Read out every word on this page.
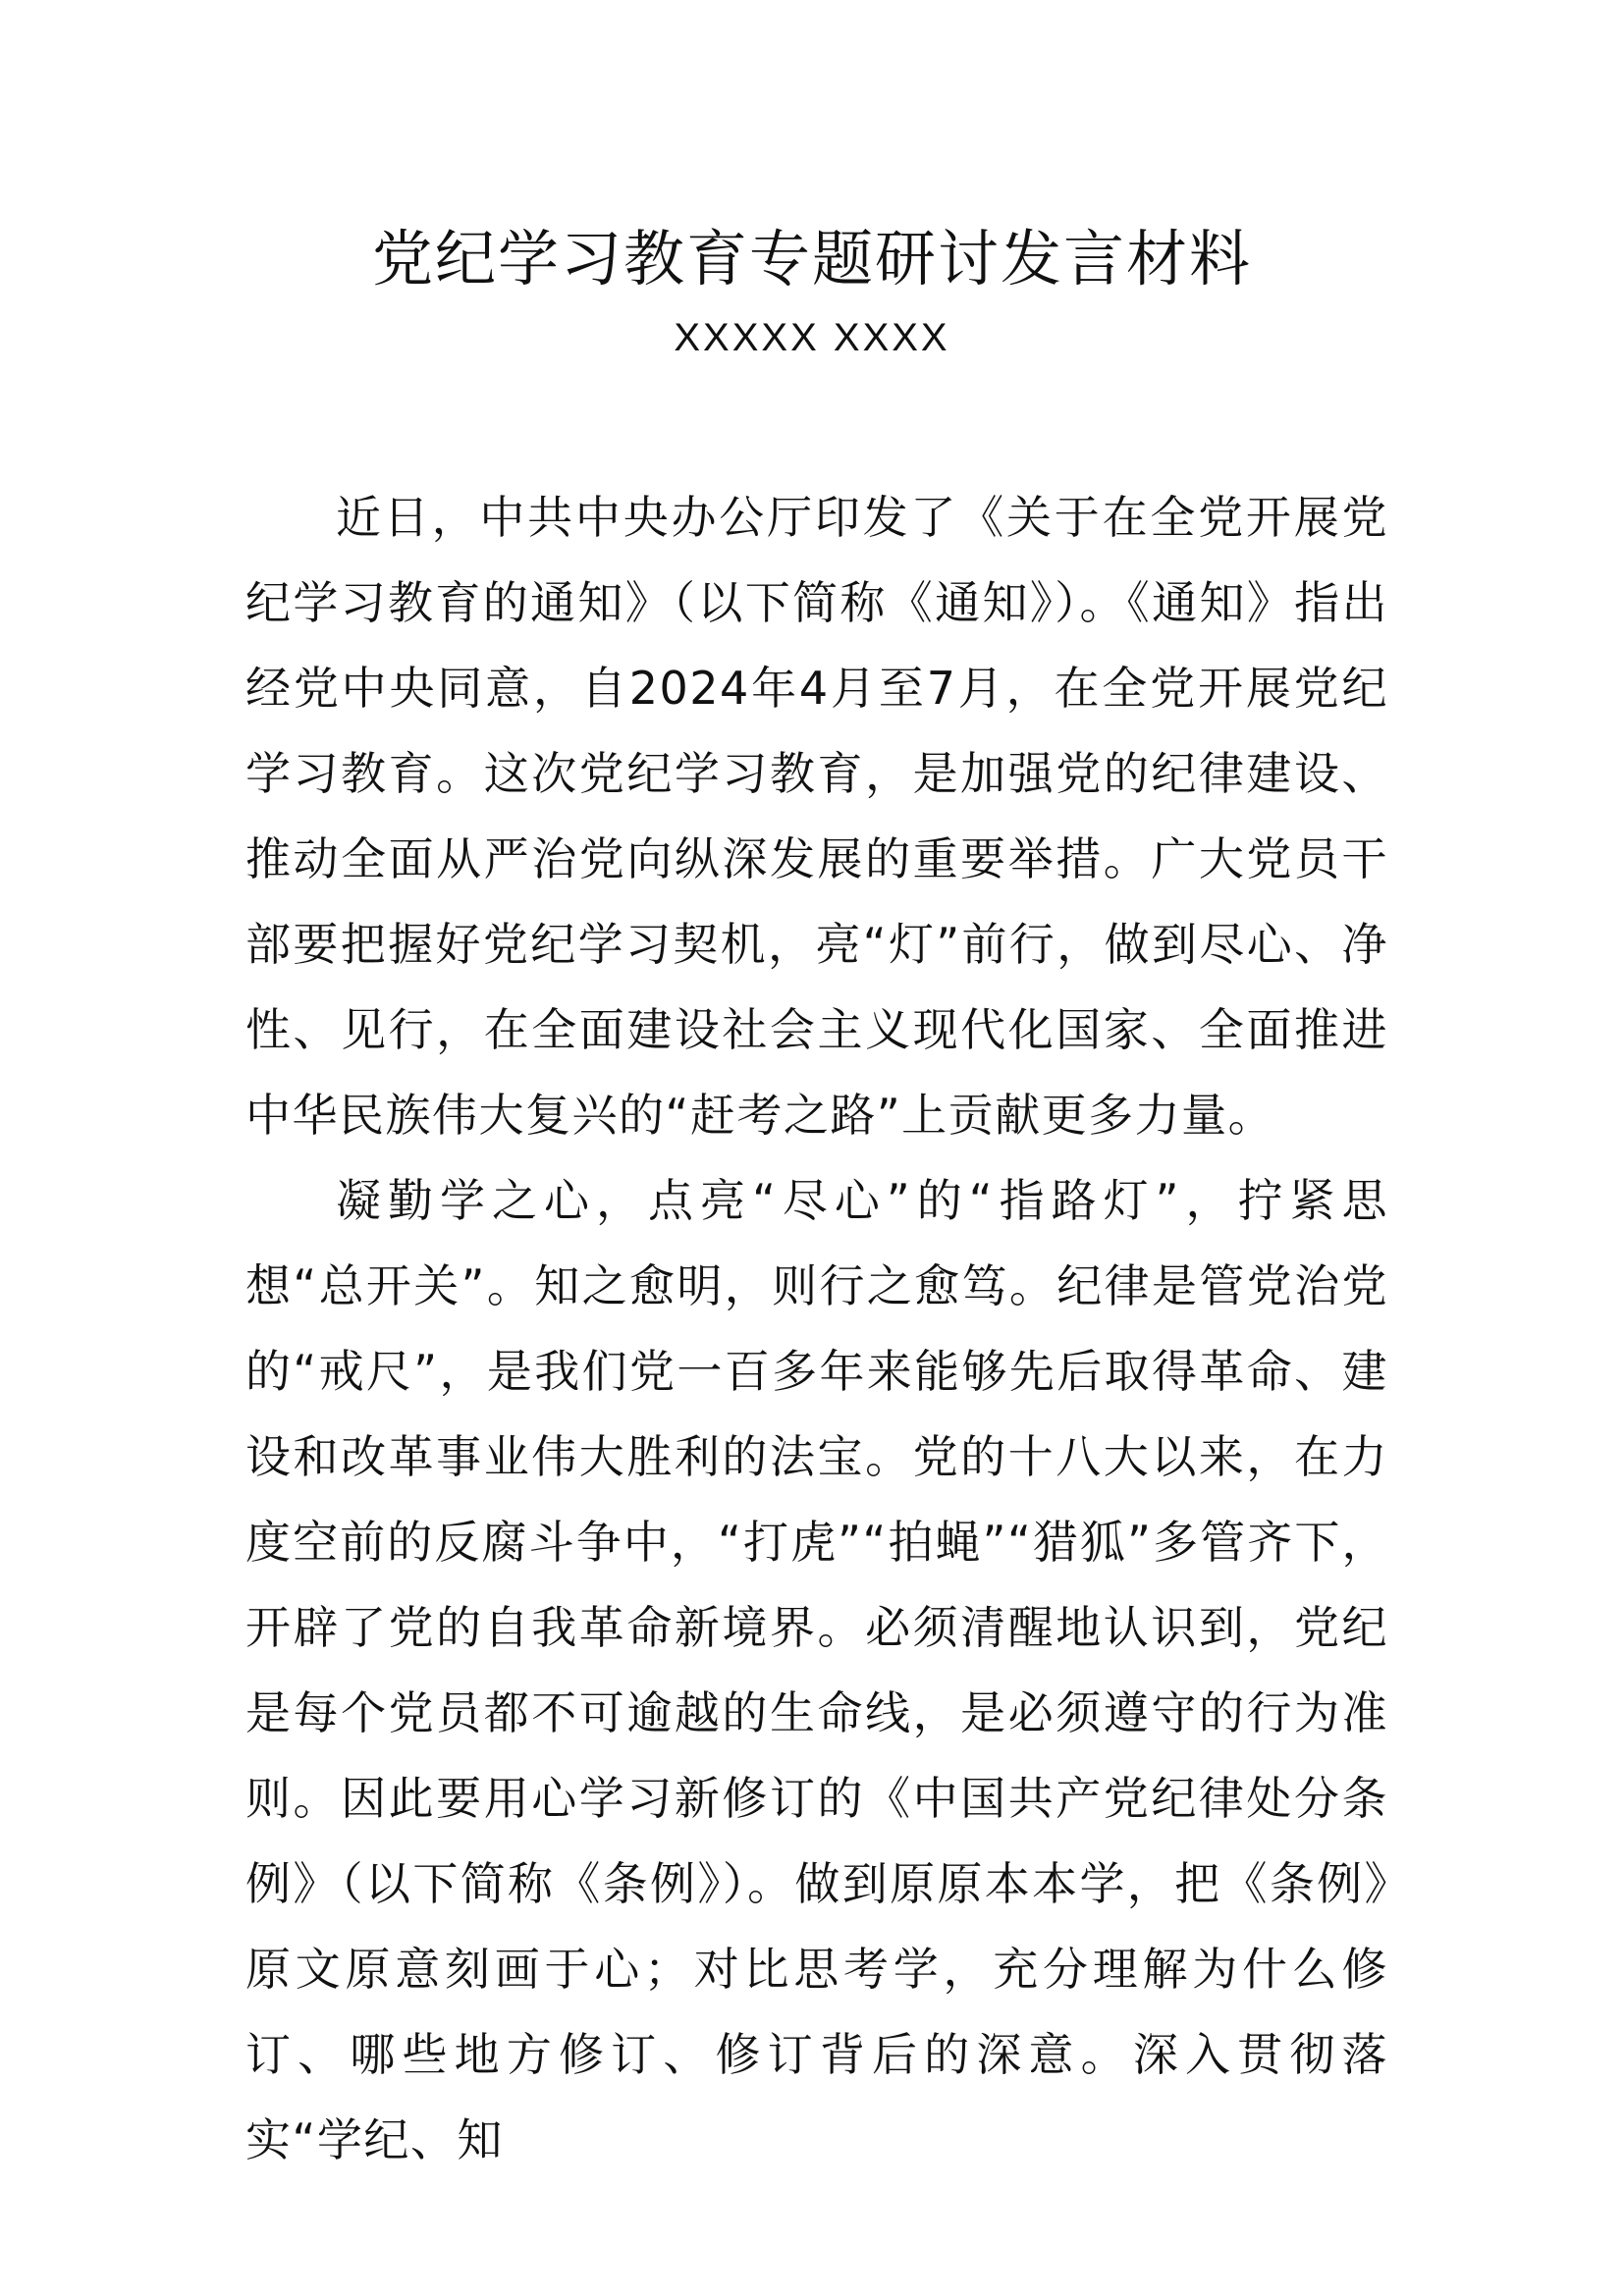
党纪学习教育专题研讨发言材料
XXXXX XXXX

近日，中共中央办公厅印发了《关于在全党开展党纪学习教育的通知》（以下简称《通知》）。《通知》指出经党中央同意，自2024年4月至7月，在全党开展党纪学习教育。这次党纪学习教育，是加强党的纪律建设、推动全面从严治党向纵深发展的重要举措。广大党员干部要把握好党纪学习契机，亮“灯”前行，做到尽心、净性、见行，在全面建设社会主义现代化国家、全面推进中华民族伟大复兴的“赶考之路”上贡献更多力量。

凝勤学之心，点亮“尽心”的“指路灯”，拧紧思想“总开关”。知之愈明，则行之愈笃。纪律是管党治党的“戒尺”，是我们党一百多年来能够先后取得革命、建设和改革事业伟大胜利的法宝。党的十八大以来，在力度空前的反腐斗争中，“打虎”“拍蝇”“猎狐”多管齐下，开辟了党的自我革命新境界。必须清醒地认识到，党纪是每个党员都不可逾越的生命线，是必须遵守的行为准则。因此要用心学习新修订的《中国共产党纪律处分条例》（以下简称《条例》）。做到原原本本学，把《条例》原文原意刻画于心；对比思考学，充分理解为什么修订、哪些地方修订、修订背后的深意。深入贯彻落实“学纪、知
